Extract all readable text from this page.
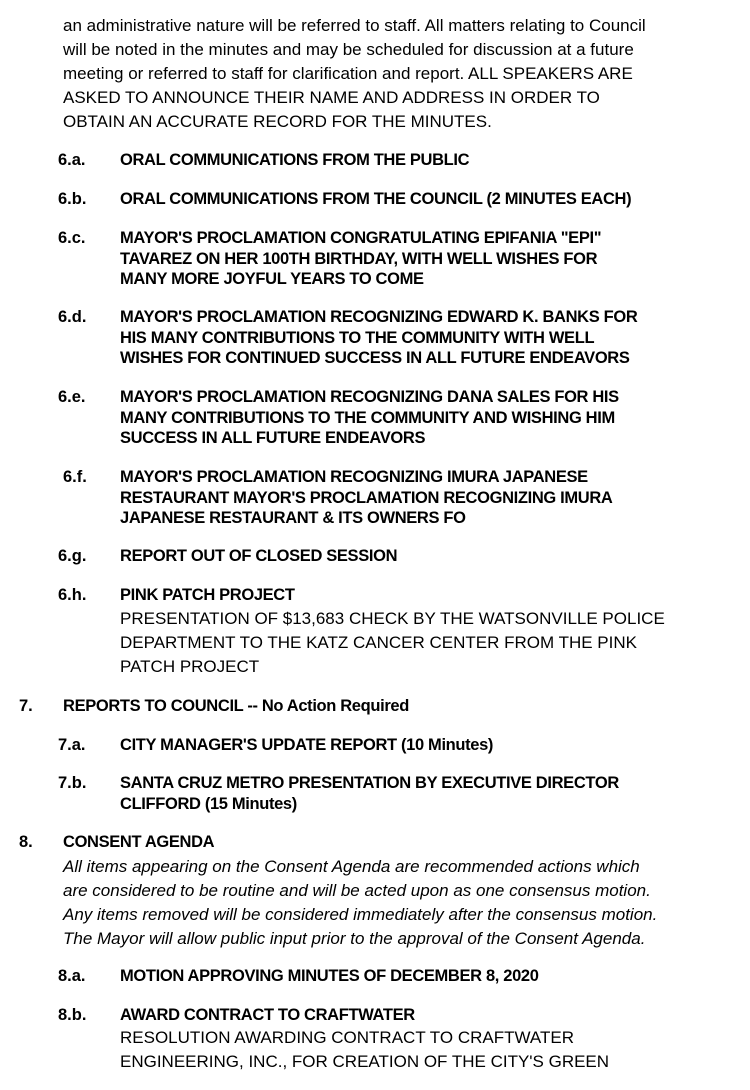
an administrative nature will be referred to staff. All matters relating to Council
will be noted in the minutes and may be scheduled for discussion at a future
meeting or referred to staff for clarification and report. ALL SPEAKERS ARE
ASKED TO ANNOUNCE THEIR NAME AND ADDRESS IN ORDER TO
OBTAIN AN ACCURATE RECORD FOR THE MINUTES.
6.a. ORAL COMMUNICATIONS FROM THE PUBLIC
6.b. ORAL COMMUNICATIONS FROM THE COUNCIL (2 MINUTES EACH)
6.c. MAYOR'S PROCLAMATION CONGRATULATING EPIFANIA "EPI"
TAVAREZ ON HER 100TH BIRTHDAY, WITH WELL WISHES FOR
MANY MORE JOYFUL YEARS TO COME
6.d. MAYOR'S PROCLAMATION RECOGNIZING EDWARD K. BANKS FOR
HIS MANY CONTRIBUTIONS TO THE COMMUNITY WITH WELL
WISHES FOR CONTINUED SUCCESS IN ALL FUTURE ENDEAVORS
6.e. MAYOR'S PROCLAMATION RECOGNIZING DANA SALES FOR HIS
MANY CONTRIBUTIONS TO THE COMMUNITY AND WISHING HIM
SUCCESS IN ALL FUTURE ENDEAVORS
6.f. MAYOR'S PROCLAMATION RECOGNIZING IMURA JAPANESE
RESTAURANT MAYOR'S PROCLAMATION RECOGNIZING IMURA
JAPANESE RESTAURANT & ITS OWNERS FO
6.g. REPORT OUT OF CLOSED SESSION
6.h. PINK PATCH PROJECT
PRESENTATION OF $13,683 CHECK BY THE WATSONVILLE POLICE
DEPARTMENT TO THE KATZ CANCER CENTER FROM THE PINK
PATCH PROJECT
7. REPORTS TO COUNCIL -- No Action Required
7.a. CITY MANAGER'S UPDATE REPORT (10 Minutes)
7.b. SANTA CRUZ METRO PRESENTATION BY EXECUTIVE DIRECTOR
CLIFFORD (15 Minutes)
8. CONSENT AGENDA
All items appearing on the Consent Agenda are recommended actions which
are considered to be routine and will be acted upon as one consensus motion.
Any items removed will be considered immediately after the consensus motion.
The Mayor will allow public input prior to the approval of the Consent Agenda.
8.a. MOTION APPROVING MINUTES OF DECEMBER 8, 2020
8.b. AWARD CONTRACT TO CRAFTWATER
RESOLUTION AWARDING CONTRACT TO CRAFTWATER
ENGINEERING, INC., FOR CREATION OF THE CITY'S GREEN
